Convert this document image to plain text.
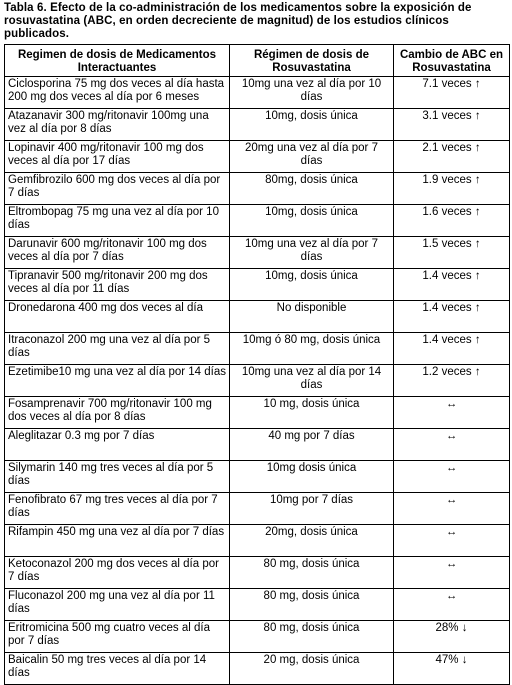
Tabla 6. Efecto de la co-administración de los medicamentos sobre la exposición de rosuvastatina (ABC, en orden decreciente de magnitud) de los estudios clínicos publicados.
Regimen de dosis de Medicamentos Interactuantes	Régimen de dosis de Rosuvastatina	Cambio de ABC en Rosuvastatina
Ciclosporina 75 mg dos veces al día hasta 200 mg dos veces al día por 6 meses	10mg una vez al día por 10 días	7.1 veces ↑
Atazanavir 300 mg/ritonavir 100mg una vez al día por 8 días	10mg, dosis única	3.1 veces ↑
Lopinavir 400 mg/ritonavir 100 mg dos veces al día por 17 días	20mg una vez al día por 7 días	2.1 veces ↑
Gemfibrozilo 600 mg dos veces al día por 7 días	80mg, dosis única	1.9 veces ↑
Eltrombopag 75 mg una vez al día por 10 días	10mg, dosis única	1.6 veces ↑
Darunavir 600 mg/ritonavir 100 mg dos veces al día por 7 días	10mg una vez al día por 7 días	1.5 veces ↑
Tipranavir 500 mg/ritonavir 200 mg dos veces al día por 11 días	10mg, dosis única	1.4 veces ↑
Dronedarona 400 mg dos veces al día	No disponible	1.4 veces ↑
Itraconazol 200 mg una vez al día por 5 días	10mg ó 80 mg, dosis única	1.4 veces ↑
Ezetimibe10 mg una vez al día por 14 días	10mg una vez al día por 14 días	1.2 veces ↑
Fosamprenavir 700 mg/ritonavir 100 mg dos veces al día por 8 días	10 mg, dosis única	↔
Aleglitazar 0.3 mg por 7 días	40 mg por 7 días	↔
Silymarin 140 mg tres veces al día por 5 días	10mg dosis única	↔
Fenofibrato 67 mg tres veces al día por 7 días	10mg por 7 días	↔
Rifampin 450 mg una vez al día por 7 días	20mg, dosis única	↔
Ketoconazol 200 mg dos veces al día por 7 días	80 mg, dosis única	↔
Fluconazol 200 mg una vez al día por 11 días	80 mg, dosis única	↔
Eritromicina 500 mg cuatro veces al día por 7 días	80 mg, dosis única	28% ↓
Baicalin 50 mg tres veces al día por 14 días	20 mg, dosis única	47% ↓
